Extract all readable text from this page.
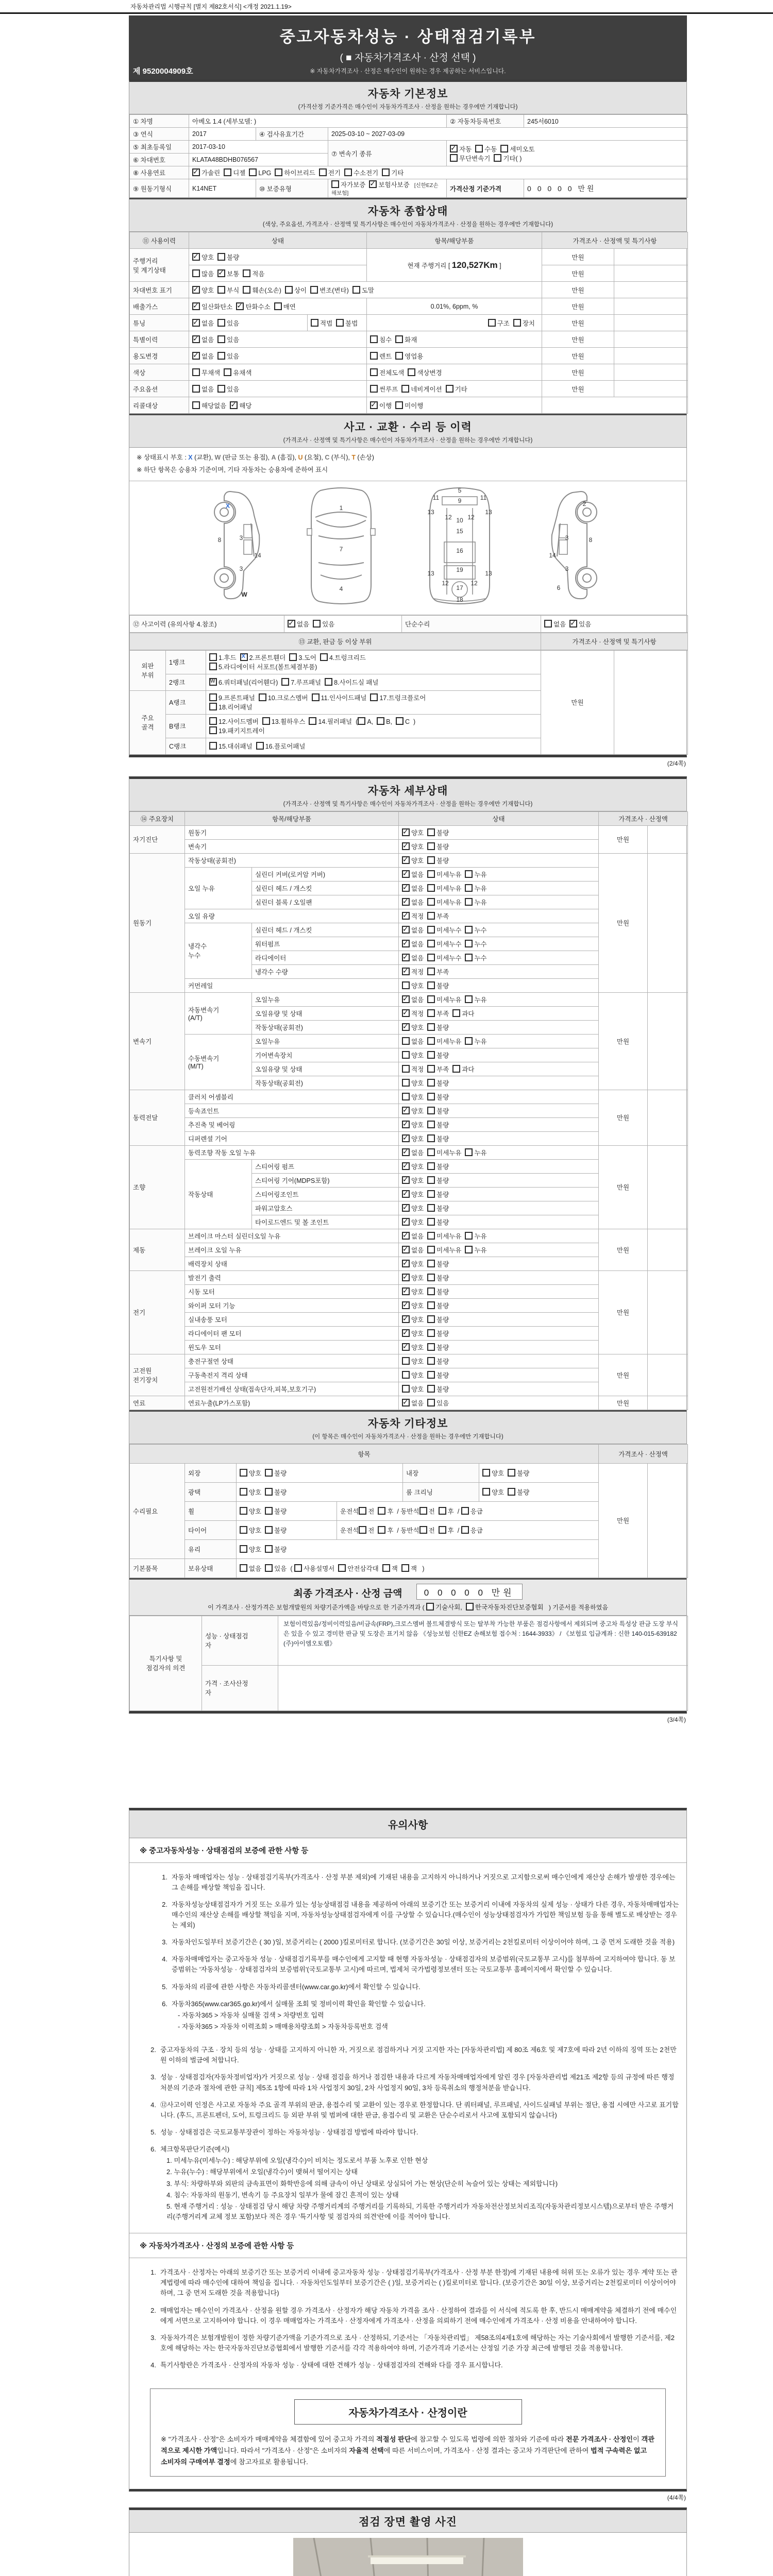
자동차관리법 시행규칙 [별지 제82호서식] <개정 2021.1.19>
중고자동차성능 · 상태점검기록부
( ■ 자동차가격조사 · 산정 선택 )
※ 자동차가격조사 · 산정은 매수인이 원하는 경우 제공하는 서비스입니다.
제 9520004909호
자동차 기본정보
(가격산정 기준가격은 매수인이 자동차가격조사 · 산정을 원하는 경우에만 기재합니다)
① 차명	아베오 1.4 (세부모델: )			② 자동차등록번호	245서6010
③ 연식	2017	④ 검사유효기간	2025-03-10 ~ 2027-03-09		
⑤ 최초등록일	2017-03-10		⑦ 변속기 종류	✓자동 수동 세미오토
무단변속기 기타( )
⑥ 차대번호	KLATA48BDHB076567				
⑧ 사용연료	✓가솔린 디젤 LPG 하이브리드 전기 수소전기 기타
⑨ 원동기형식	K14NET	⑩ 보증유형	자가보증 ✓ 보험사보증 [신한EZ손해보험]	가격산정 기준가격	0 0 0 0 0 만원
자동차 종합상태
(색상, 주요옵션, 가격조사 · 산정액 및 특기사항은 매수인이 자동차가격조사 · 산정을 원하는 경우에만 기재합니다)
⑪ 사용이력	상태		항목/해당부품	가격조사 · 산정액 및 특기사항	
주행거리
및 계기상태	✓양호 불량		현재 주행거리 [ 120,527Km ]	만원	
	많음 ✓ 보통 적음			만원	
차대번호 표기	✓양호 부식 훼손(오손) 상이 변조(변타) 도말			만원	
배출가스	✓일산화탄소 ✓ 탄화수소 매연		0.01%, 6ppm, %	만원	
튜닝	✓없음 있음	적법 불법	구조 장치	만원	
특별이력	✓없음 있음		침수 화재	만원	
용도변경	✓없음 있음		렌트 영업용	만원	
색상	무채색 유채색		전체도색 색상변경	만원	
주요옵션	없음 있음		썬루프 네비게이션 기타	만원	
리콜대상	해당없음 ✓ 해당	✓이행 미이행	
사고 · 교환 · 수리 등 이력
(가격조사 · 산정액 및 특기사항은 매수인이 자동차가격조사 · 산정을 원하는 경우에만 기재합니다)
※ 상태표시 부호 : X (교환), W (판금 또는 용접), A (흠집), U (요철), C (부식), T (손상)
※ 하단 항목은 승용차 기준이며, 기타 자동차는 승용차에 준하여 표시
X
8	3
14
3
W
1
7
4
5
9
11	11
13	13
12	12
10
15
16
19
13	13
12	12
17
18
2
3
14
3
8
6
⑫ 사고이력 (유의사항 4.참조)	✓없음 있음	단순수리	없음 ✓ 있음
⑬ 교환, 판금 등 이상 부위	가격조사 · 산정액 및 특기사항
외판
부위	1랭크	1.후드 X 2.프론트휀더 3.도어 4.트렁크리드
5.라디에이터 서포트(볼트체결부품)	만원	
	2랭크	W6.쿼터패널(리어휀다) 7.루프패널 8.사이드실 패널
주요
골격	A랭크	9.프론트패널 10.크로스멤버 11.인사이드패널 17.트렁크플로어
18.리어패널		
	B랭크	12.사이드멤버 13.휠하우스 14.필러패널 ( A, B, C )
19.패키지트레이		
	C랭크	15.대쉬패널 16.플로어패널		
(2/4쪽)
자동차 세부상태
(가격조사 · 산정액 및 특기사항은 매수인이 자동차가격조사 · 산정을 원하는 경우에만 기재합니다)
⑭ 주요장치	항목/해당부품		상태	가격조사 · 산정액	
자기진단	원동기	✓양호 불량	만원	
	변속기	✓양호 불량
원동기	작동상태(공회전)	✓양호 불량	만원	
	오일 누유	실린더 커버(로커암 커버)	✓없음 미세누유 누유
		실린더 헤드 / 개스킷	✓없음 미세누유 누유
		실린더 블록 / 오일팬	✓없음 미세누유 누유
	오일 유량	✓적정 부족
	냉각수
누수	실린더 헤드 / 개스킷	✓없음 미세누수 누수
		워터펌프	✓없음 미세누수 누수
		라디에이터	✓없음 미세누수 누수
		냉각수 수량	✓적정 부족
	커먼레일		양호 불량		
변속기	자동변속기
(A/T)	오일누유	✓없음 미세누유 누유	만원	
		오일유량 및 상태	✓적정 부족 과다
		작동상태(공회전)	✓양호 불량
	수동변속기
(M/T)	오일누유	없음 미세누유 누유		
		기어변속장치	양호 불량		
		오일유량 및 상태	적정 부족 과다		
		작동상태(공회전)	양호 불량		
동력전달	클러치 어셈블리		양호 불량	만원	
	등속죠인트	✓양호 불량
	추진축 및 베어링	✓양호 불량
	디퍼렌셜 기어	✓양호 불량
조향	동력조향 작동 오일 누유	✓없음 미세누유 누유	만원	
	작동상태	스티어링 펌프	✓양호 불량
		스티어링 기어(MDPS포함)	✓양호 불량
		스티어링조인트	✓양호 불량
		파워고압호스	✓양호 불량
		타이로드엔드 및 볼 조인트	✓양호 불량
제동	브레이크 마스터 실린더오일 누유	✓없음 미세누유 누유	만원	
	브레이크 오일 누유	✓없음 미세누유 누유
	배력장치 상태	✓양호 불량
전기	발전기 출력	✓양호 불량	만원	
	시동 모터	✓양호 불량
	와이퍼 모터 기능	✓양호 불량
	실내송풍 모터	✓양호 불량
	라디에이터 팬 모터	✓양호 불량
	윈도우 모터	✓양호 불량
고전원
전기장치	충전구절연 상태		양호 불량	만원	
	구동축전지 격리 상태		양호 불량		
	고전원전기배선 상태(접속단자,피복,보호기구)		양호 불량		
연료	연료누출(LP가스포함)	✓없음 있음	만원	
자동차 기타정보
(이 항목은 매수인이 자동차가격조사 · 산정을 원하는 경우에만 기재합니다)
항목						가격조사 · 산정액	
수리필요	외장	양호 불량		내장	양호 불량	만원	
	광택	양호 불량		룸 크리닝	양호 불량		
	휠	양호 불량	운전석 전 후 / 동반석 전 후 / 응급				
	타이어	양호 불량	운전석 전 후 / 동반석 전 후 / 응급				
	유리	양호 불량					
기본품목	보유상태	없음 있음 ( 사용설명서 안전삼각대 잭 잭 )					
최종 가격조사 · 산정 금액 0 0 0 0 0 만원
이 가격조사 · 산정가격은 보험개발원의 차량기준가액을 바탕으로 한 기준가격과 ( 기술사회, 한국자동차진단보증협회 ) 기준서를 적용하였음
특기사항 및
점검자의 의견	성능 · 상태점검
자	보험이력있음/정비이력있음/비금속(FRP),크로스멤버 볼트체결방식 또는 탈부착 가능한 부품은 점검사항에서 제외되며 중고차 특성상 판금 도장 부식은 있을 수 있고 경미한 판금 및 도장은 표기치 않음 《성능보험 신한EZ 손해보험 접수처 : 1644-3933》 / 《보험료 입금계좌 : 신한 140-015-639182 (주)아이엠오토랩》
	가격 · 조사산정
자	
(3/4쪽)
유의사항
※ 중고자동차성능 · 상태점검의 보증에 관한 사항 등
1. 자동차 매매업자는 성능 · 상태점검기록부(가격조사 · 산정 부분 제외)에 기재된 내용을 고지하지 아니하거나 거짓으로 고지함으로써 매수인에게 재산상 손해가 발생한 경우에는 그 손해를 배상할 책임을 집니다.
2. 자동차성능상태점검자가 거짓 또는 오류가 있는 성능상태점검 내용을 제공하여 아래의 보증기간 또는 보증거리 이내에 자동차의 실제 성능 · 상태가 다른 경우, 자동차매매업자는 매수인의 재산상 손해를 배상할 책임을 지며, 자동차성능상태점검자에게 이를 구상할 수 있습니다.(매수인이 성능상태점검자가 가입한 책임보험 등을 통해 별도로 배상받는 경우는 제외)
3. 자동차인도일부터 보증기간은 ( 30 )일, 보증거리는 ( 2000 )킬로미터로 합니다. (보증기간은 30일 이상, 보증거리는 2천킬로미터 이상이어야 하며, 그 중 먼저 도래한 것을 적용)
4. 자동차매매업자는 중고자동차 성능 · 상태점검기록부를 매수인에게 고지할 때 현행 자동차성능 · 상태점검자의 보증범위(국토교통부 고시)를 첨부하여 고지하여야 합니다. 동 보증범위는 '자동차성능 · 상태점검자의 보증범위'(국토교통부 고시)에 따르며, 법제처 국가법령정보센터 또는 국토교통부 홈페이지에서 확인할 수 있습니다.
5. 자동차의 리콜에 관한 사항은 자동차리콜센터(www.car.go.kr)에서 확인할 수 있습니다.
6. 자동차365(www.car365.go.kr)에서 실매물 조회 및 정비이력 확인을 확인할 수 있습니다.
- 자동차365 > 자동차 실매물 검색 > 차량번호 입력
- 자동차365 > 자동차 이력조회 > 매매용차량조회 > 자동차등록번호 검색
2. 중고자동차의 구조 · 장치 등의 성능 · 상태를 고지하지 아니한 자, 거짓으로 점검하거나 거짓 고지한 자는 [자동차관리법] 제 80조 제6호 및 제7호에 따라 2년 이하의 징역 또는 2천만원 이하의 벌금에 처합니다.
3. 성능 · 상태점검자(자동차정비업자)가 거짓으로 성능 · 상태 점검을 하거나 점검한 내용과 다르게 자동차매매업자에게 알린 경우 [자동차관리법 제21조 제2항 등의 규정에 따른 행정처분의 기준과 절차에 관한 규칙] 제5조 1항에 따라 1차 사업정지 30일, 2차 사업정지 90일, 3차 등록취소의 행정처분을 받습니다.
4. ⑫사고이력 인정은 사고로 자동차 주요 골격 부위의 판금, 용접수리 및 교환이 있는 경우로 한정합니다. 단 쿼터패널, 루프패널, 사이드실패널 부위는 절단, 용접 시에만 사고로 표기합니다. (후드, 프론트펜더, 도어, 트렁크리드 등 외판 부위 및 범퍼에 대한 판금, 용접수리 및 교환은 단순수리로서 사고에 포함되지 않습니다)
5. 성능 · 상태점검은 국토교통부장관이 정하는 자동차성능 · 상태점검 방법에 따라야 합니다.
6. 체크항목판단기준(예시)
1. 미세누유(미세누수) : 해당부위에 오일(냉각수)이 비치는 정도로서 부품 노후로 인한 현상
2. 누유(누수) : 해당부위에서 오일(냉각수)이 맺혀서 떨어지는 상태
3. 부식: 차량하부와 외판의 금속표면이 화학반응에 의해 금속이 아닌 상태로 상실되어 가는 현상(단순히 녹슬어 있는 상태는 제외합니다)
4. 침수: 자동차의 원동기, 변속기 등 주요장치 일부가 물에 잠긴 흔적이 있는 상태
5. 현재 주행거리 : 성능 · 상태점검 당시 해당 차량 주행거리계의 주행거리를 기록하되, 기록한 주행거리가 자동차전산정보처리조직(자동차관리정보시스템)으로부터 받은 주행거리(주행거리계 교체 정보 포함)보다 적은 경우 '특기사항 및 점검자의 의견'란에 이를 적어야 합니다.
※ 자동차가격조사 · 산정의 보증에 관한 사항 등
1. 가격조사 · 산정자는 아래의 보증기간 또는 보증거리 이내에 중고자동차 성능 · 상태점검기록부(가격조사 · 산정 부분 한정)에 기재된 내용에 허위 또는 오류가 있는 경우 계약 또는 관계법령에 따라 매수인에 대하여 책임을 집니다. · 자동차인도일부터 보증기간은 ( )일, 보증거리는 ( )킬로미터로 합니다. (보증기간은 30일 이상, 보증거리는 2천킬로미터 이상이어야 하며, 그 중 먼저 도래한 것을 적용합니다)
2. 매매업자는 매수인이 가격조사 · 산정을 원할 경우 가격조사 · 산정자가 해당 자동차 가격을 조사 · 산정하여 결과를 이 서식에 적도록 한 후, 반드시 매매계약을 체결하기 전에 매수인에게 서면으로 고지하여야 합니다. 이 경우 매매업자는 가격조사 · 산정자에게 가격조사 · 산정을 의뢰하기 전에 매수인에게 가격조사 · 산정 비용을 안내하여야 합니다.
3. 자동차가격은 보험개발원이 정한 차량기준가액을 기준가격으로 조사 · 산정하되, 기준서는 「자동차관리법」 제58조의4제1호에 해당하는 자는 기술사회에서 발행한 기준서를, 제2호에 해당하는 자는 한국자동차진단보증협회에서 발행한 기준서를 각각 적용하여야 하며, 기준가격과 기준서는 산정일 기준 가장 최근에 발행된 것을 적용합니다.
4. 특기사항란은 가격조사 · 산정자의 자동차 성능 · 상태에 대한 견해가 성능 · 상태점검자의 견해와 다를 경우 표시합니다.
자동차가격조사 · 산정이란
※ "가격조사 · 산정"은 소비자가 매매계약을 체결함에 있어 중고차 가격의 적절성 판단에 참고할 수 있도록 법령에 의한 절차와 기준에 따라 전문 가격조사 · 산정인이 객관적으로 제시한 가액입니다. 따라서 "가격조사 · 산정"은 소비자의 자율적 선택에 따른 서비스이며, 가격조사 · 산정 결과는 중고차 가격판단에 관하여 법적 구속력은 없고 소비자의 구매여부 결정에 참고자료로 활용됩니다.
(4/4쪽)
점검 장면 촬영 사진
